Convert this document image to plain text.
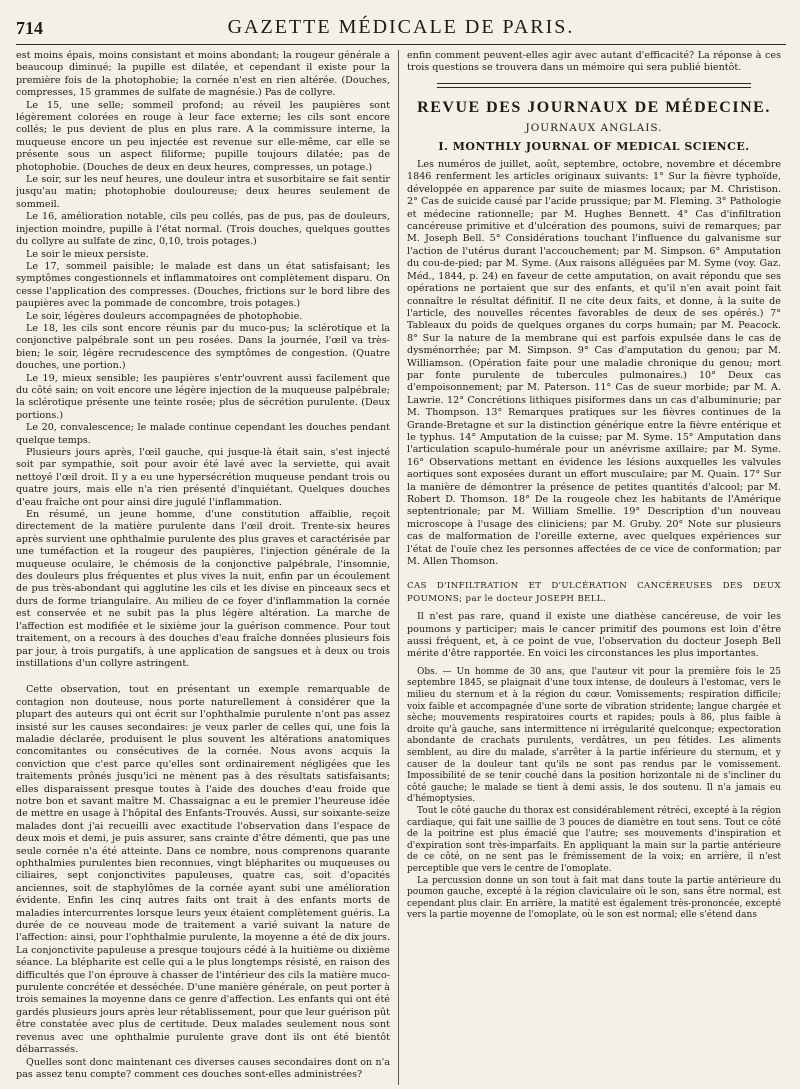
714	GAZETTE MÉDICALE DE PARIS.

est moins épais, moins consistant et moins abondant; la rougeur générale a beaucoup diminué; la pupille est dilatée, et cependant il existe pour la première fois de la photophobie; la cornée n'est en rien altérée. (Douches, compresses, 15 grammes de sulfate de magnésie.) Pas de collyre.

Le 15, une selle; sommeil profond; au réveil les paupières sont légèrement colorées en rouge à leur face externe; les cils sont encore collés; le pus devient de plus en plus rare. A la commissure interne, la muqueuse encore un peu injectée est revenue sur elle-même, car elle se présente sous un aspect filiforme; pupille toujours dilatée; pas de photophobie. (Douches de deux en deux heures, compresses, un potage.)

Le soir, sur les neuf heures, une douleur intra et susorbitaire se fait sentir jusqu'au matin; photophobie douloureuse; deux heures seulement de sommeil.

Le 16, amélioration notable, cils peu collés, pas de pus, pas de douleurs, injection moindre, pupille à l'état normal. (Trois douches, quelques gouttes du collyre au sulfate de zinc, 0,10, trois potages.)

Le soir le mieux persiste.

Le 17, sommeil paisible; le malade est dans un état satisfaisant; les symptômes congestionnels et inflammatoires ont complètement disparu. On cesse l'application des compresses. (Douches, frictions sur le bord libre des paupières avec la pommade de concombre, trois potages.)

Le soir, légères douleurs accompagnées de photophobie.

Le 18, les cils sont encore réunis par du muco-pus; la sclérotique et la conjonctive palpébrale sont un peu rosées. Dans la journée, l'œil va très-bien; le soir, légère recrudescence des symptômes de congestion. (Quatre douches, une portion.)

Le 19, mieux sensible; les paupières s'entr'ouvrent aussi facilement que du côté sain; on voit encore une légère injection de la muqueuse palpébrale; la sclérotique présente une teinte rosée; plus de sécrétion purulente. (Deux portions.)

Le 20, convalescence; le malade continue cependant les douches pendant quelque temps.

Plusieurs jours après, l'œil gauche, qui jusque-là était sain, s'est injecté soit par sympathie, soit pour avoir été lavé avec la serviette, qui avait nettoyé l'œil droit. Il y a eu une hypersécrétion muqueuse pendant trois ou quatre jours, mais elle n'a rien présenté d'inquiétant. Quelques douches d'eau fraîche ont pour ainsi dire jugulé l'inflammation.

En résumé, un jeune homme, d'une constitution affaiblie, reçoit directement de la matière purulente dans l'œil droit. Trente-six heures après survient une ophthalmie purulente des plus graves et caractérisée par une tuméfaction et la rougeur des paupières, l'injection générale de la muqueuse oculaire, le chémosis de la conjonctive palpébrale, l'insomnie, des douleurs plus fréquentes et plus vives la nuit, enfin par un écoulement de pus très-abondant qui agglutine les cils et les divise en pinceaux secs et durs de forme triangulaire. Au milieu de ce foyer d'inflammation la cornée est conservée et ne subit pas la plus légère altération. La marche de l'affection est modifiée et le sixième jour la guérison commence. Pour tout traitement, on a recours à des douches d'eau fraîche données plusieurs fois par jour, à trois purgatifs, à une application de sangsues et à deux ou trois instillations d'un collyre astringent.

Cette observation, tout en présentant un exemple remarquable de contagion non douteuse, nous porte naturellement à considérer que la plupart des auteurs qui ont écrit sur l'ophthalmie purulente n'ont pas assez insisté sur les causes secondaires: je veux parler de celles qui, une fois la maladie déclarée, produisent le plus souvent les altérations anatomiques concomitantes ou consécutives de la cornée. Nous avons acquis la conviction que c'est parce qu'elles sont ordinairement négligées que les traitements prônés jusqu'ici ne mènent pas à des résultats satisfaisants; elles disparaissent presque toutes à l'aide des douches d'eau froide que notre bon et savant maître M. Chassaignac a eu le premier l'heureuse idée de mettre en usage à l'hôpital des Enfants-Trouvés. Aussi, sur soixante-seize malades dont j'ai recueilli avec exactitude l'observation dans l'espace de deux mois et demi, je puis assurer, sans crainte d'être démenti, que pas une seule cornée n'a été atteinte. Dans ce nombre, nous comprenons quarante ophthalmies purulentes bien reconnues, vingt blépharites ou muqueuses ou ciliaires, sept conjonctivites papuleuses, quatre cas, soit d'opacités anciennes, soit de staphylômes de la cornée ayant subi une amélioration évidente. Enfin les cinq autres faits ont trait à des enfants morts de maladies intercurrentes lorsque leurs yeux étaient complètement guéris. La durée de ce nouveau mode de traitement a varié suivant la nature de l'affection: ainsi, pour l'ophthalmie purulente, la moyenne a été de dix jours. La conjonctivite papuleuse a presque toujours cédé à la huitième ou dixième séance. La blépharite est celle qui a le plus longtemps résisté, en raison des difficultés que l'on éprouve à chasser de l'intérieur des cils la matière muco-purulente concrétée et desséchée. D'une manière générale, on peut porter à trois semaines la moyenne dans ce genre d'affection. Les enfants qui ont été gardés plusieurs jours après leur rétablissement, pour que leur guérison pût être constatée avec plus de certitude. Deux malades seulement nous sont revenus avec une ophthalmie purulente grave dont ils ont été bientôt débarrassés.

Quelles sont donc maintenant ces diverses causes secondaires dont on n'a pas assez tenu compte? comment ces douches sont-elles administrées?

enfin comment peuvent-elles agir avec autant d'efficacité? La réponse à ces trois questions se trouvera dans un mémoire qui sera publié bientôt.

REVUE DES JOURNAUX DE MÉDECINE.
JOURNAUX ANGLAIS.
I. MONTHLY JOURNAL OF MEDICAL SCIENCE.

Les numéros de juillet, août, septembre, octobre, novembre et décembre 1846 renferment les articles originaux suivants: 1° Sur la fièvre typhoïde, développée en apparence par suite de miasmes locaux; par M. Christison. 2° Cas de suicide causé par l'acide prussique; par M. Fleming. 3° Pathologie et médecine rationnelle; par M. Hughes Bennett. 4° Cas d'infiltration cancéreuse primitive et d'ulcération des poumons, suivi de remarques; par M. Joseph Bell. 5° Considérations touchant l'influence du galvanisme sur l'action de l'utérus durant l'accouchement; par M. Simpson. 6° Amputation du cou-de-pied; par M. Syme. (Aux raisons alléguées par M. Syme (voy. Gaz. Méd., 1844, p. 24) en faveur de cette amputation, on avait répondu que ses opérations ne portaient que sur des enfants, et qu'il n'en avait point fait connaître le résultat définitif. Il ne cite deux faits, et donne, à la suite de l'article, des nouvelles récentes favorables de deux de ses opérés.) 7° Tableaux du poids de quelques organes du corps humain; par M. Peacock. 8° Sur la nature de la membrane qui est parfois expulsée dans le cas de dysménorrhée; par M. Simpson. 9° Cas d'amputation du genou; par M. Williamson. (Opération faite pour une maladie chronique du genou; mort par fonte purulente de tubercules pulmonaires.) 10° Deux cas d'empoisonnement; par M. Paterson. 11° Cas de sueur morbide; par M. A. Lawrie. 12° Concrétions lithiques pisiformes dans un cas d'albuminurie; par M. Thompson. 13° Remarques pratiques sur les fièvres continues de la Grande-Bretagne et sur la distinction générique entre la fièvre entérique et le typhus. 14° Amputation de la cuisse; par M. Syme. 15° Amputation dans l'articulation scapulo-humérale pour un anévrisme axillaire; par M. Syme. 16° Observations mettant en évidence les lésions auxquelles les valvules aortiques sont exposées durant un effort musculaire; par M. Quain. 17° Sur la manière de démontrer la présence de petites quantités d'alcool; par M. Robert D. Thomson. 18° De la rougeole chez les habitants de l'Amérique septentrionale; par M. William Smellie. 19° Description d'un nouveau microscope à l'usage des cliniciens; par M. Gruby. 20° Note sur plusieurs cas de malformation de l'oreille externe, avec quelques expériences sur l'état de l'ouïe chez les personnes affectées de ce vice de conformation; par M. Allen Thomson.

CAS D'INFILTRATION ET D'ULCÉRATION CANCÉREUSES DES DEUX POUMONS; par le docteur JOSEPH BELL.

Il n'est pas rare, quand il existe une diathèse cancéreuse, de voir les poumons y participer; mais le cancer primitif des poumons est loin d'être aussi fréquent, et, à ce point de vue, l'observation du docteur Joseph Bell mérite d'être rapportée. En voici les circonstances les plus importantes.

Obs. — Un homme de 30 ans, que l'auteur vit pour la première fois le 25 septembre 1845, se plaignait d'une toux intense, de douleurs à l'estomac, vers le milieu du sternum et à la région du cœur. Vomissements; respiration difficile; voix faible et accompagnée d'une sorte de vibration stridente; langue chargée et sèche; mouvements respiratoires courts et rapides; pouls à 86, plus faible à droite qu'à gauche, sans intermittence ni irrégularité quelconque; expectoration abondante de crachats purulents, verdâtres, un peu fétides. Les aliments semblent, au dire du malade, s'arrêter à la partie inférieure du sternum, et y causer de la douleur tant qu'ils ne sont pas rendus par le vomissement. Impossibilité de se tenir couché dans la position horizontale ni de s'incliner du côté gauche; le malade se tient à demi assis, le dos soutenu. Il n'a jamais eu d'hémoptysies.

Tout le côté gauche du thorax est considérablement rétréci, excepté à la région cardiaque, qui fait une saillie de 3 pouces de diamètre en tout sens. Tout ce côté de la poitrine est plus émacié que l'autre; ses mouvements d'inspiration et d'expiration sont très-imparfaits. En appliquant la main sur la partie antérieure de ce côté, on ne sent pas le frémissement de la voix; en arrière, il n'est perceptible que vers le centre de l'omoplate.

La percussion donne un son tout à fait mat dans toute la partie antérieure du poumon gauche, excepté à la région claviculaire où le son, sans être normal, est cependant plus clair. En arrière, la matité est également très-prononcée, excepté vers la partie moyenne de l'omoplate, où le son est normal; elle s'étend dans
